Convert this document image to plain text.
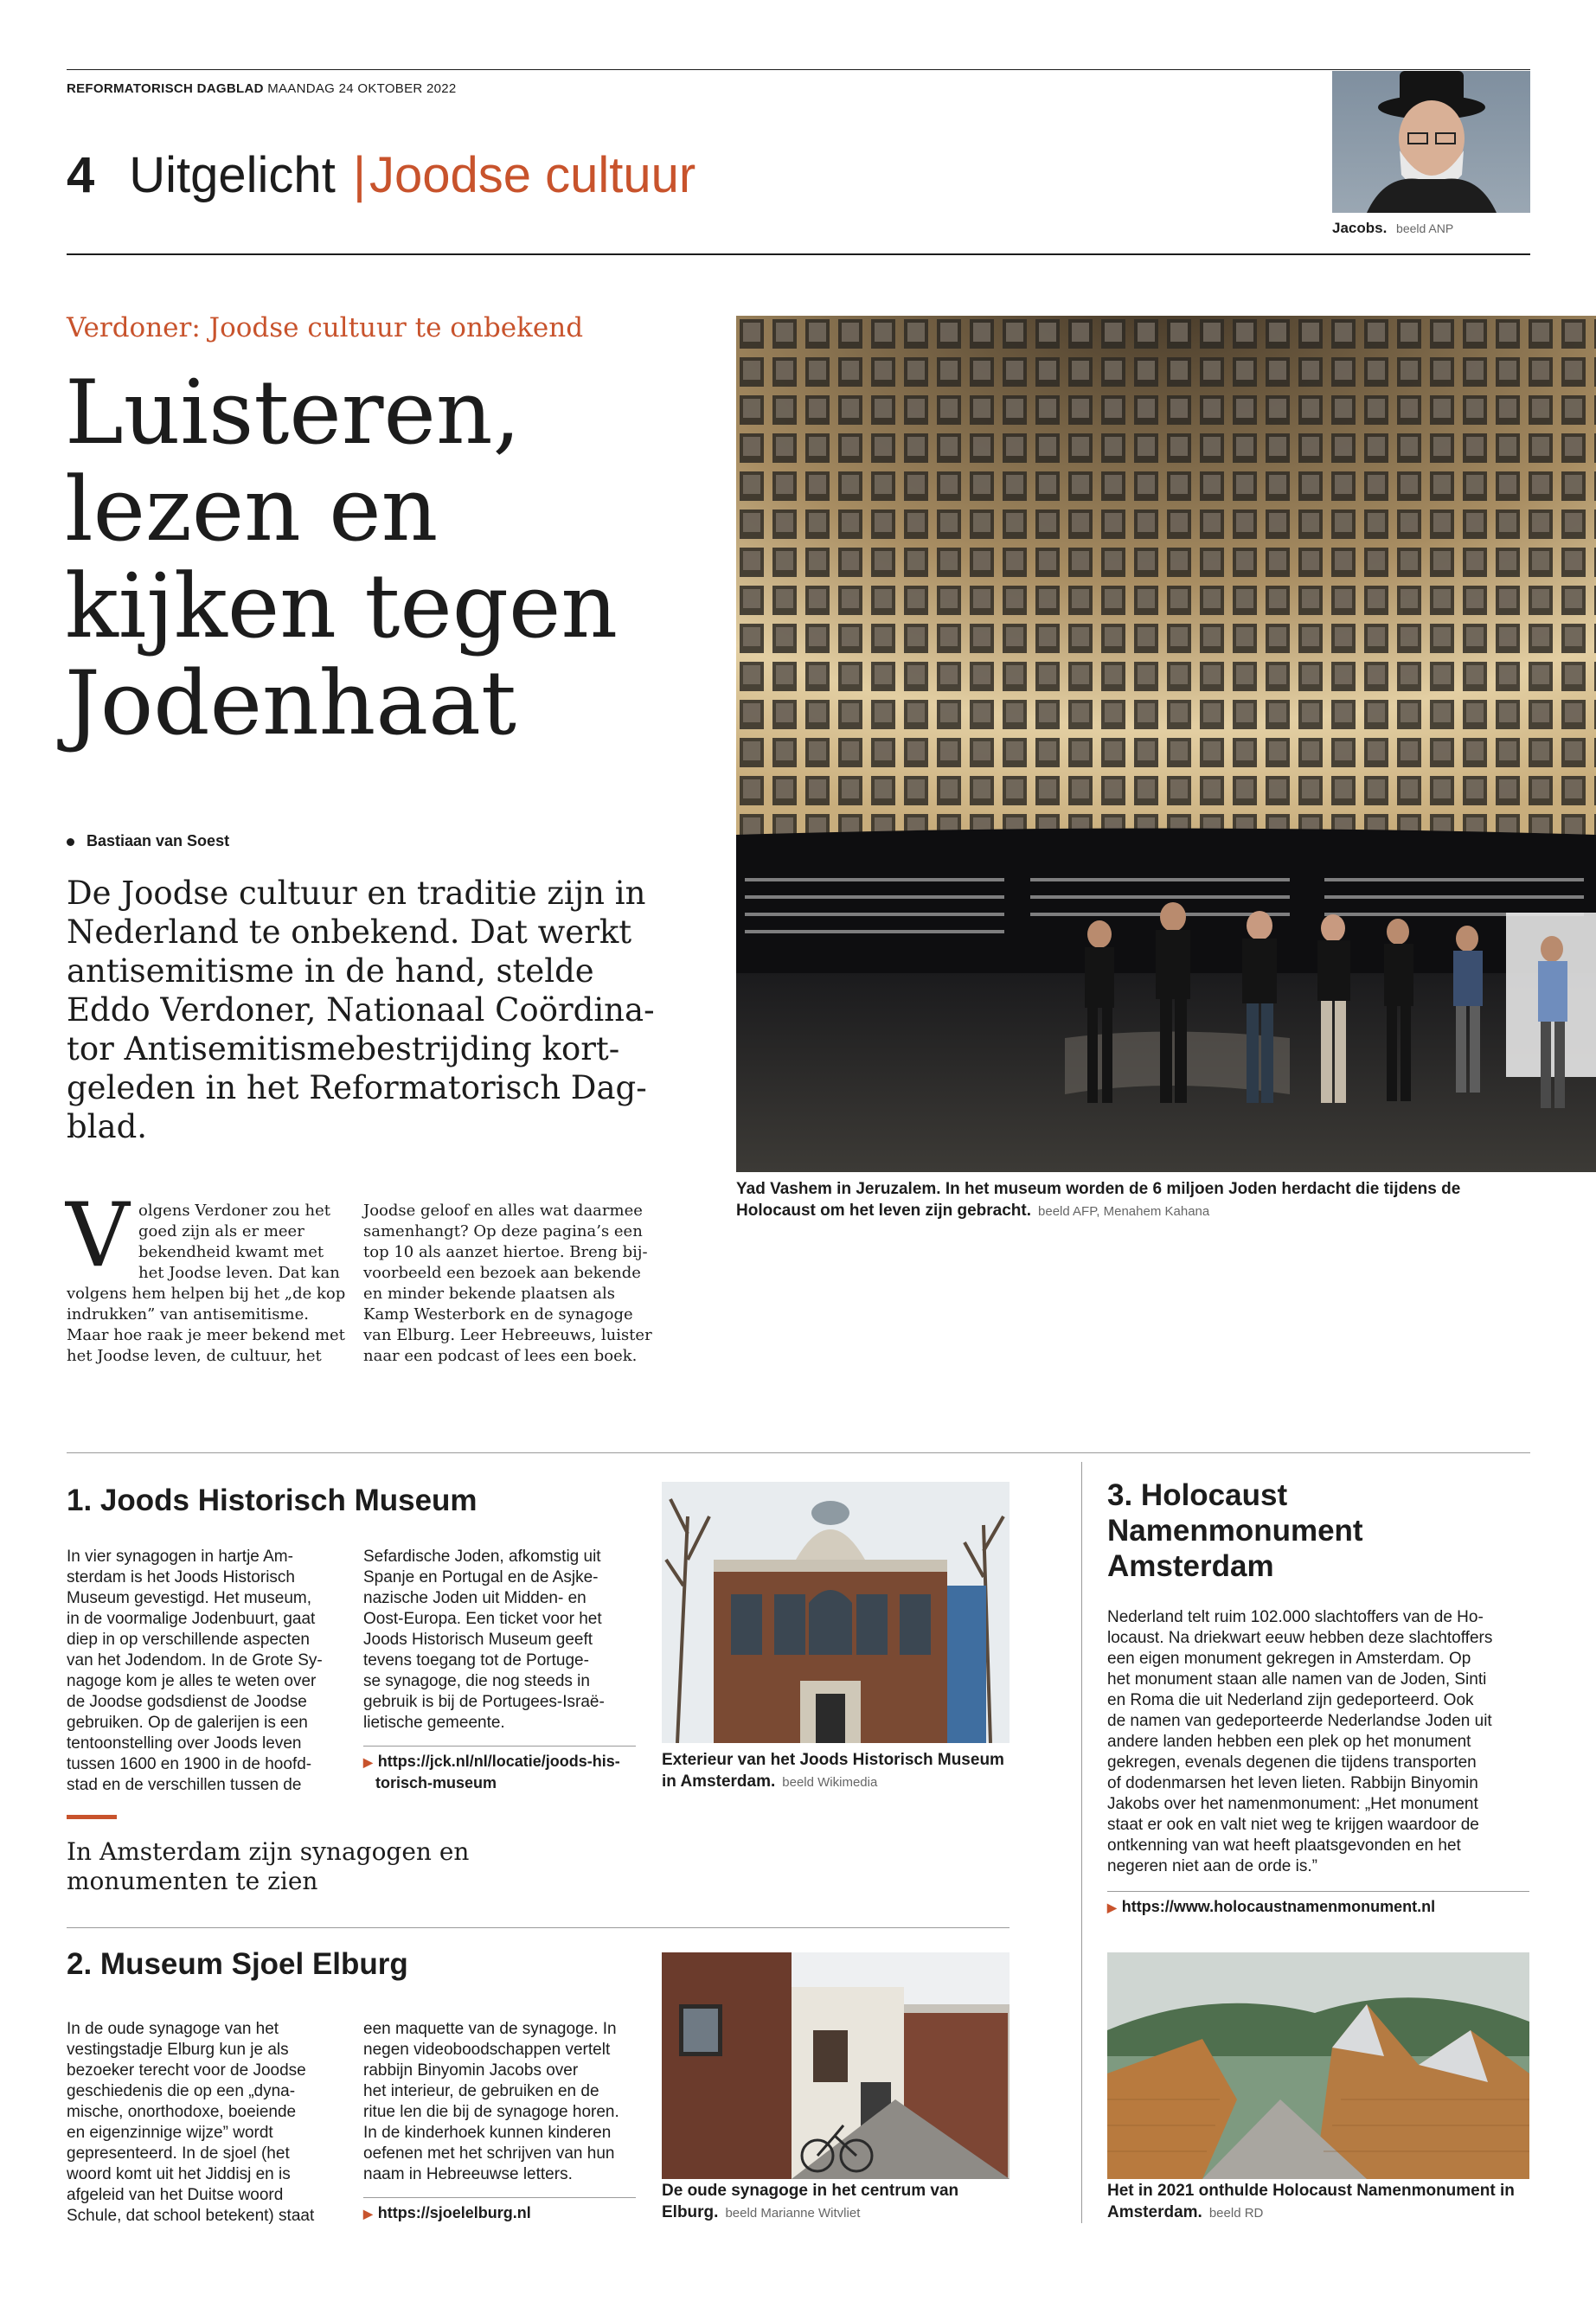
REFORMATORISCH DAGBLAD MAANDAG 24 OKTOBER 2022
4 Uitgelicht |Joodse cultuur
Jacobs. beeld ANP
Verdoner: Joodse cultuur te onbekend
Luisteren,
lezen en
kijken tegen
Jodenhaat
Bastiaan van Soest
De Joodse cultuur en traditie zijn in
Nederland te onbekend. Dat werkt
antisemitisme in de hand, stelde
Eddo Verdoner, Nationaal Coördina-
tor Antisemitismebestrijding kort-
geleden in het Reformatorisch Dag-
blad.
V olgens Verdoner zou het
goed zijn als er meer
bekendheid kwamt met
het Joodse leven. Dat kan
volgens hem helpen bij het „de kop
indrukken” van antisemitisme.
Maar hoe raak je meer bekend met
het Joodse leven, de cultuur, het
Joodse geloof en alles wat daarmee
samenhangt? Op deze pagina’s een
top 10 als aanzet hiertoe. Breng bij-
voorbeeld een bezoek aan bekende
en minder bekende plaatsen als
Kamp Westerbork en de synagoge
van Elburg. Leer Hebreeuws, luister
naar een podcast of lees een boek.
Yad Vashem in Jeruzalem. In het museum worden de 6 miljoen Joden herdacht die tijdens de
Holocaust om het leven zijn gebracht. beeld AFP, Menahem Kahana
1. Joods Historisch Museum
In vier synagogen in hartje Am-
sterdam is het Joods Historisch
Museum gevestigd. Het museum,
in de voormalige Jodenbuurt, gaat
diep in op verschillende aspecten
van het Jodendom. In de Grote Sy-
nagoge kom je alles te weten over
de Joodse godsdienst de Joodse
gebruiken. Op de galerijen is een
tentoonstelling over Joods leven
tussen 1600 en 1900 in de hoofd-
stad en de verschillen tussen de
Sefardische Joden, afkomstig uit
Spanje en Portugal en de Asjke-
nazische Joden uit Midden- en
Oost-Europa. Een ticket voor het
Joods Historisch Museum geeft
tevens toegang tot de Portuge-
se synagoge, die nog steeds in
gebruik is bij de Portugees-Israë-
lietische gemeente.
▶ https://jck.nl/nl/locatie/joods-his-
torisch-museum
Exterieur van het Joods Historisch Museum
in Amsterdam. beeld Wikimedia
In Amsterdam zijn synagogen en
monumenten te zien
2. Museum Sjoel Elburg
In de oude synagoge van het
vestingstadje Elburg kun je als
bezoeker terecht voor de Joodse
geschiedenis die op een „dyna-
mische, onorthodoxe, boeiende
en eigenzinnige wijze” wordt
gepresenteerd. In de sjoel (het
woord komt uit het Jiddisj en is
afgeleid van het Duitse woord
Schule, dat school betekent) staat
een maquette van de synagoge. In
negen videoboodschappen vertelt
rabbijn Binyomin Jacobs over
het interieur, de gebruiken en de
ritue len die bij de synagoge horen.
In de kinderhoek kunnen kinderen
oefenen met het schrijven van hun
naam in Hebreeuwse letters.
▶ https://sjoelelburg.nl
De oude synagoge in het centrum van
Elburg. beeld Marianne Witvliet
3. Holocaust
Namenmonument
Amsterdam
Nederland telt ruim 102.000 slachtoffers van de Ho-
locaust. Na driekwart eeuw hebben deze slachtoffers
een eigen monument gekregen in Amsterdam. Op
het monument staan alle namen van de Joden, Sinti
en Roma die uit Nederland zijn gedeporteerd. Ook
de namen van gedeporteerde Nederlandse Joden uit
andere landen hebben een plek op het monument
gekregen, evenals degenen die tijdens transporten
of dodenmarsen het leven lieten. Rabbijn Binyomin
Jakobs over het namenmonument: „Het monument
staat er ook en valt niet weg te krijgen waardoor de
ontkenning van wat heeft plaatsgevonden en het
negeren niet aan de orde is.”
▶ https://www.holocaustnamenmonument.nl
Het in 2021 onthulde Holocaust Namenmonument in
Amsterdam. beeld RD
